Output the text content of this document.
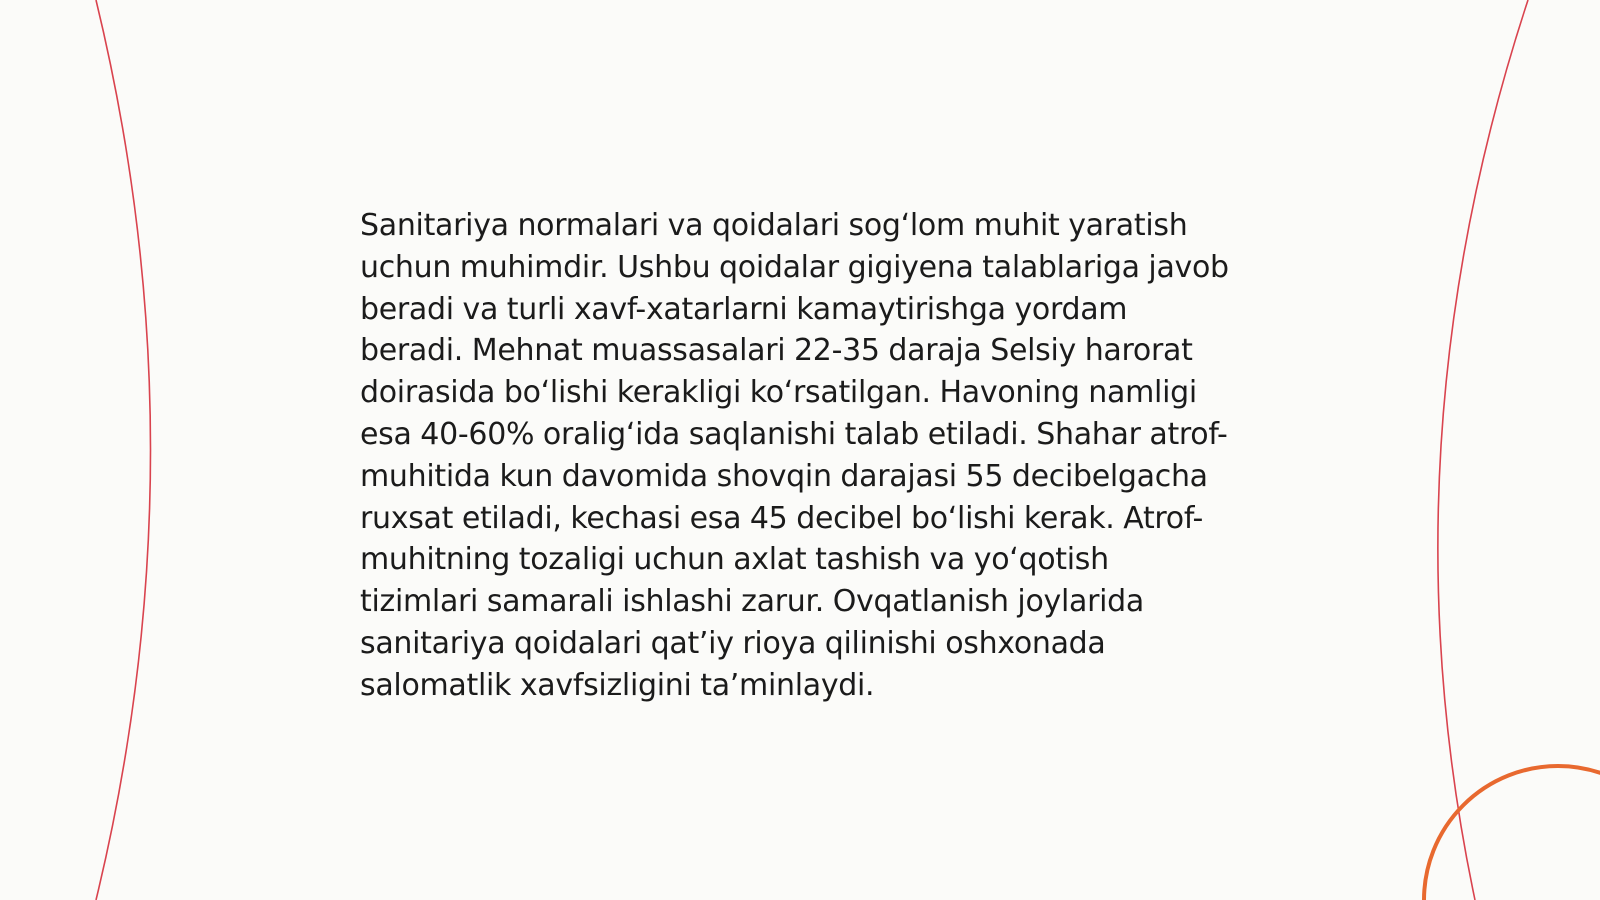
Sanitariya normalari va qoidalari sog‘lom muhit yaratish uchun muhimdir. Ushbu qoidalar gigiyena talablariga javob beradi va turli xavf-xatarlarni kamaytirishga yordam beradi. Mehnat muassasalari 22-35 daraja Selsiy harorat doirasida bo‘lishi kerakligi ko‘rsatilgan. Havoning namligi esa 40-60% oralig‘ida saqlanishi talab etiladi. Shahar atrof-muhitida kun davomida shovqin darajasi 55 decibelgacha ruxsat etiladi, kechasi esa 45 decibel bo‘lishi kerak. Atrof-muhitning tozaligi uchun axlat tashish va yo‘qotish tizimlari samarali ishlashi zarur. Ovqatlanish joylarida sanitariya qoidalari qat’iy rioya qilinishi oshxonada salomatlik xavfsizligini ta’minlaydi.
